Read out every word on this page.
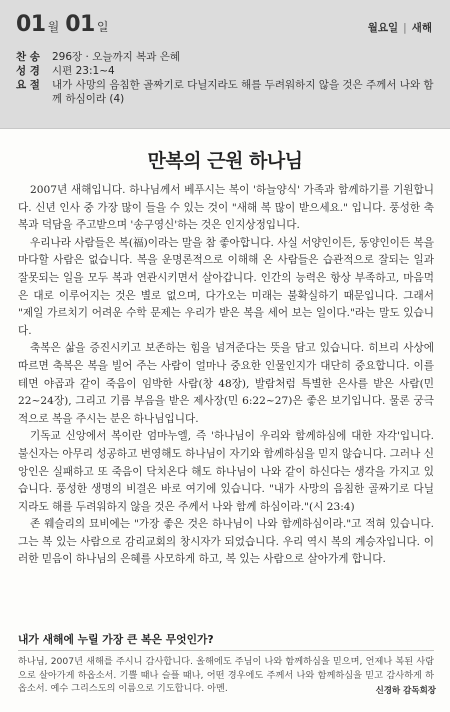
01 월 01 일	월요일 | 새해
찬 송	296장 · 오늘까지 복과 은혜
성 경	시편 23:1~4
요 절	내가 사망의 음침한 골짜기로 다닐지라도 해를 두려워하지 않을 것은 주께서 나와 함께 하심이라 (4)
만복의 근원 하나님

2007년 새해입니다. 하나님께서 베푸시는 복이 '하늘양식' 가족과 함께하기를 기원합니다. 신년 인사 중 가장 많이 들을 수 있는 것이 "새해 복 많이 받으세요." 입니다. 풍성한 축복과 덕담을 주고받으며 '송구영신'하는 것은 인지상정입니다.

우리나라 사람들은 복(福)이라는 말을 참 좋아합니다. 사실 서양인이든, 동양인이든 복을 마다할 사람은 없습니다. 복을 운명론적으로 이해해 온 사람들은 습관적으로 잘되는 일과 잘못되는 일을 모두 복과 연관시키면서 살아갑니다. 인간의 능력은 항상 부족하고, 마음먹은 대로 이루어지는 것은 별로 없으며, 다가오는 미래는 불확실하기 때문입니다. 그래서 "제일 가르치기 어려운 수학 문제는 우리가 받은 복을 세어 보는 일이다."라는 말도 있습니다.

축복은 삶을 증진시키고 보존하는 힘을 넘겨준다는 뜻을 담고 있습니다. 히브리 사상에 따르면 축복은 복을 빌어 주는 사람이 얼마나 중요한 인물인지가 대단히 중요합니다. 이를 테면 야곱과 같이 죽음이 임박한 사람(창 48장), 발람처럼 특별한 은사를 받은 사람(민 22~24장), 그리고 기름 부음을 받은 제사장(민 6:22~27)은 좋은 보기입니다. 물론 궁극적으로 복을 주시는 분은 하나님입니다.

기독교 신앙에서 복이란 엄마누엘, 즉 '하나님이 우리와 함께하심에 대한 자각'입니다. 불신자는 아무리 성공하고 번영해도 하나님이 자기와 함께하심을 믿지 않습니다. 그러나 신앙인은 실패하고 또 죽음이 닥치온다 해도 하나님이 나와 같이 하신다는 생각을 가지고 있습니다. 풍성한 생명의 비결은 바로 여기에 있습니다. "내가 사망의 음침한 골짜기로 다닐지라도 해를 두려워하지 않을 것은 주께서 나와 함께 하심이라."(시 23:4)

존 웨슬리의 묘비에는 "가장 좋은 것은 하나님이 나와 함께하심이라."고 적혀 있습니다. 그는 복 있는 사람으로 감리교회의 창시자가 되었습니다. 우리 역시 복의 계승자입니다. 이러한 믿음이 하나님의 은혜를 사모하게 하고, 복 있는 사람으로 살아가게 합니다.

내가 새해에 누릴 가장 큰 복은 무엇인가?
하나님, 2007년 새해를 주시니 감사합니다. 올해에도 주님이 나와 함께하심을 믿으며, 언제나 복된 사람으로 살아가게 하옵소서. 기쁠 때나 슬플 때나, 어떤 경우에도 주께서 나와 함께하심을 믿고 감사하게 하옵소서. 예수 그리스도의 이름으로 기도합니다. 아멘.	신경하 감독회장
